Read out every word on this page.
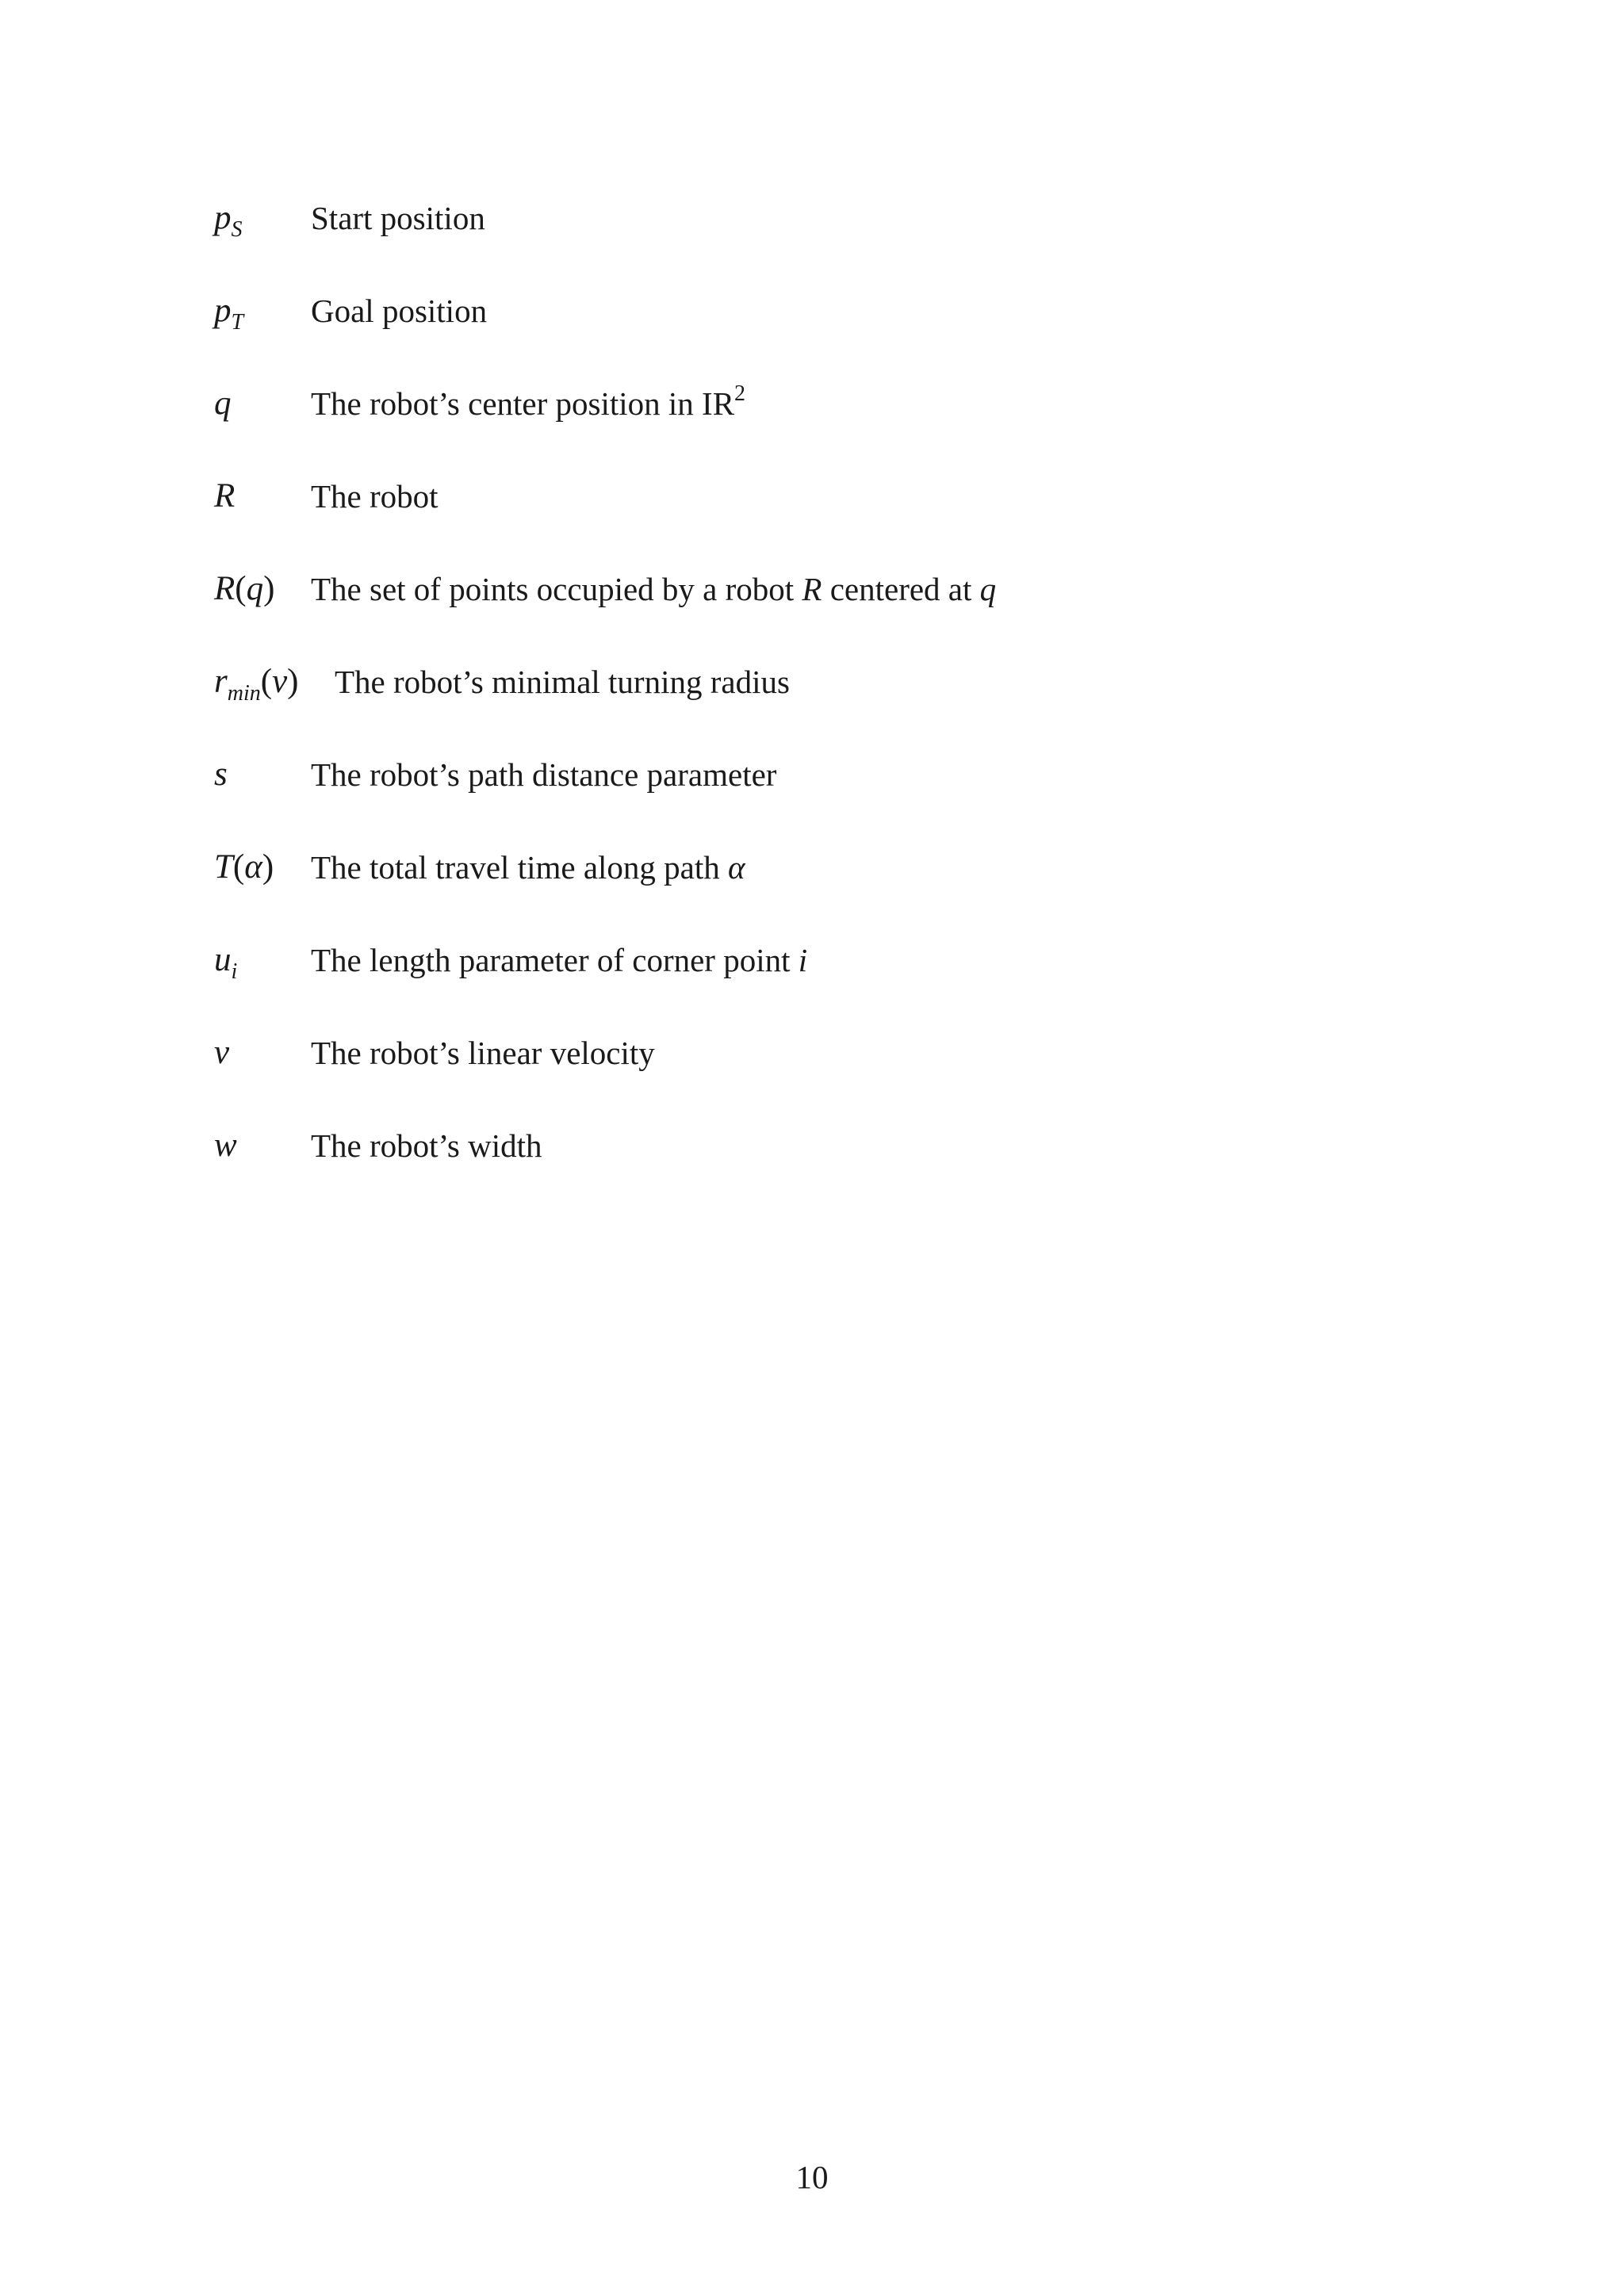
$p_S$ Start position
$p_T$ Goal position
q The robot’s center position in $IR^2$
R The robot
R(q) The set of points occupied by a robot R centered at q
$r_{min}(\nu)$ The robot’s minimal turning radius
s	The robot’s path distance parameter
T(α) The total travel time along path α
$u_i$ The length parameter of corner point i
v	The robot’s linear velocity
w The robot’s width
10
